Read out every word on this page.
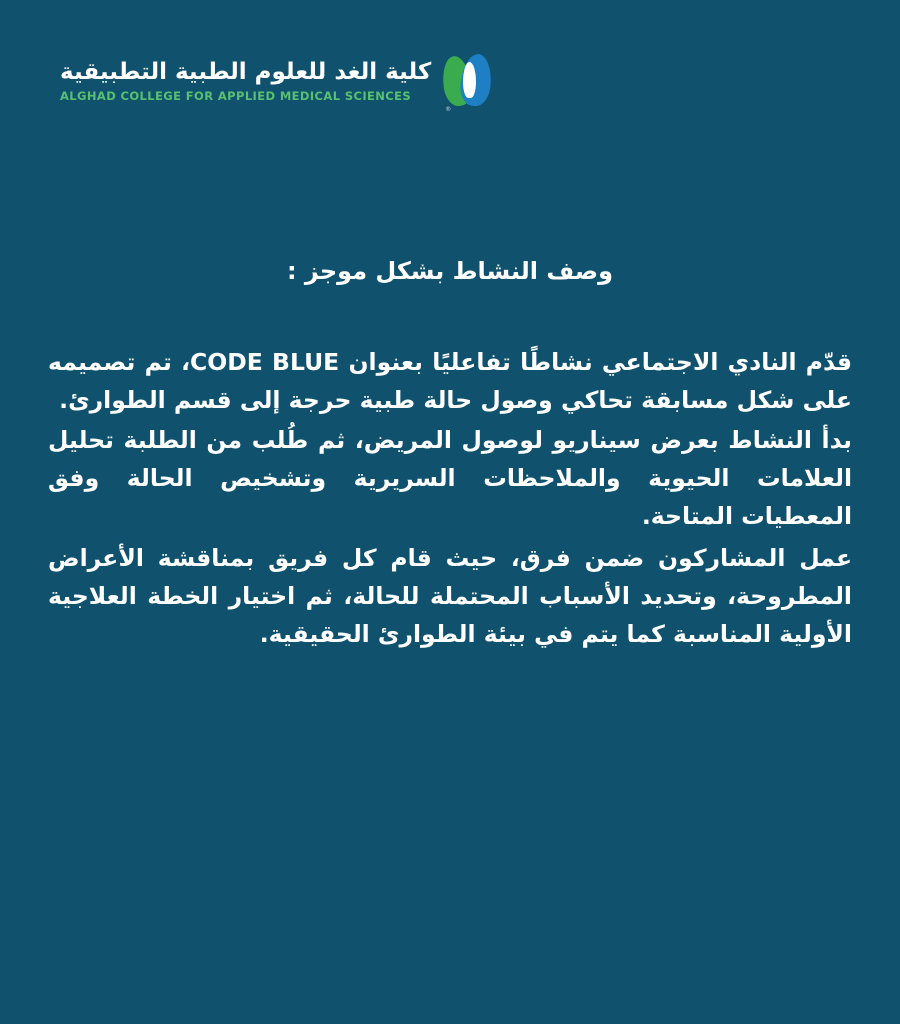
®
كلية الغد للعلوم الطبية التطبيقية
ALGHAD COLLEGE FOR APPLIED MEDICAL SCIENCES
وصف النشاط بشكل موجز :

قدّم النادي الاجتماعي نشاطًا تفاعليًا بعنوان CODE BLUE، تم تصميمه على شكل مسابقة تحاكي وصول حالة طبية حرجة إلى قسم الطوارئ.

بدأ النشاط بعرض سيناريو لوصول المريض، ثم طُلب من الطلبة تحليل العلامات الحيوية والملاحظات السريرية وتشخيص الحالة وفق المعطيات المتاحة.

عمل المشاركون ضمن فرق، حيث قام كل فريق بمناقشة الأعراض المطروحة، وتحديد الأسباب المحتملة للحالة، ثم اختيار الخطة العلاجية الأولية المناسبة كما يتم في بيئة الطوارئ الحقيقية.
